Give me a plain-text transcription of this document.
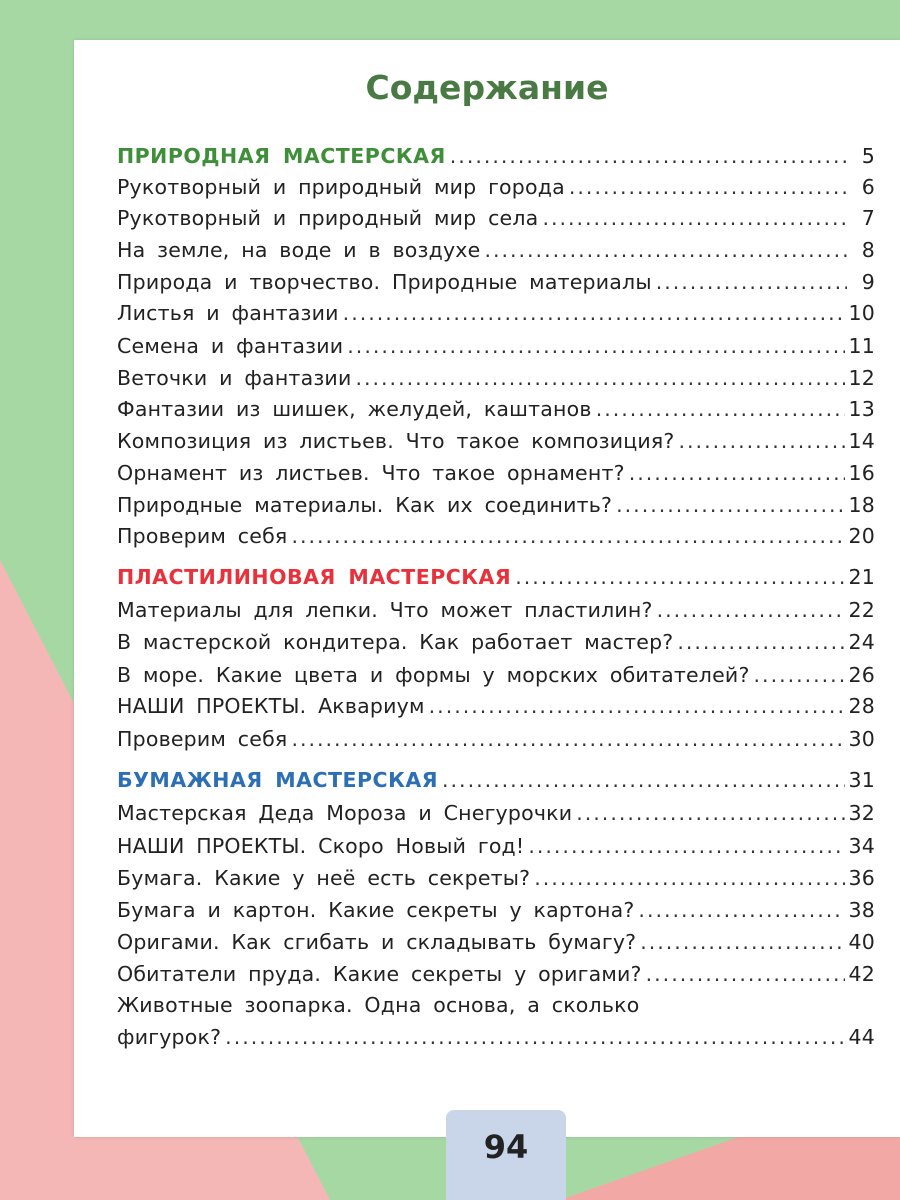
Содержание
ПРИРОДНАЯ МАСТЕРСКАЯ .....	5
Рукотворный и природный мир города .....	6
Рукотворный и природный мир села .....	7
На земле, на воде и в воздухе .....	8
Природа и творчество. Природные материалы .....	9
Листья и фантазии .....	10
Семена и фантазии .....	11
Веточки и фантазии .....	12
Фантазии из шишек, желудей, каштанов .....	13
Композиция из листьев. Что такое композиция? .....	14
Орнамент из листьев. Что такое орнамент? .....	16
Природные материалы. Как их соединить? .....	18
Проверим себя .....	20
ПЛАСТИЛИНОВАЯ МАСТЕРСКАЯ .....	21
Материалы для лепки. Что может пластилин? .....	22
В мастерской кондитера. Как работает мастер? .....	24
В море. Какие цвета и формы у морских обитателей? .....	26
НАШИ ПРОЕКТЫ. Аквариум .....	28
Проверим себя .....	30
БУМАЖНАЯ МАСТЕРСКАЯ .....	31
Мастерская Деда Мороза и Снегурочки .....	32
НАШИ ПРОЕКТЫ. Скоро Новый год! .....	34
Бумага. Какие у неё есть секреты? .....	36
Бумага и картон. Какие секреты у картона? .....	38
Оригами. Как сгибать и складывать бумагу? .....	40
Обитатели пруда. Какие секреты у оригами? .....	42
Животные зоопарка. Одна основа, а сколько
фигурок? .....	44
94
